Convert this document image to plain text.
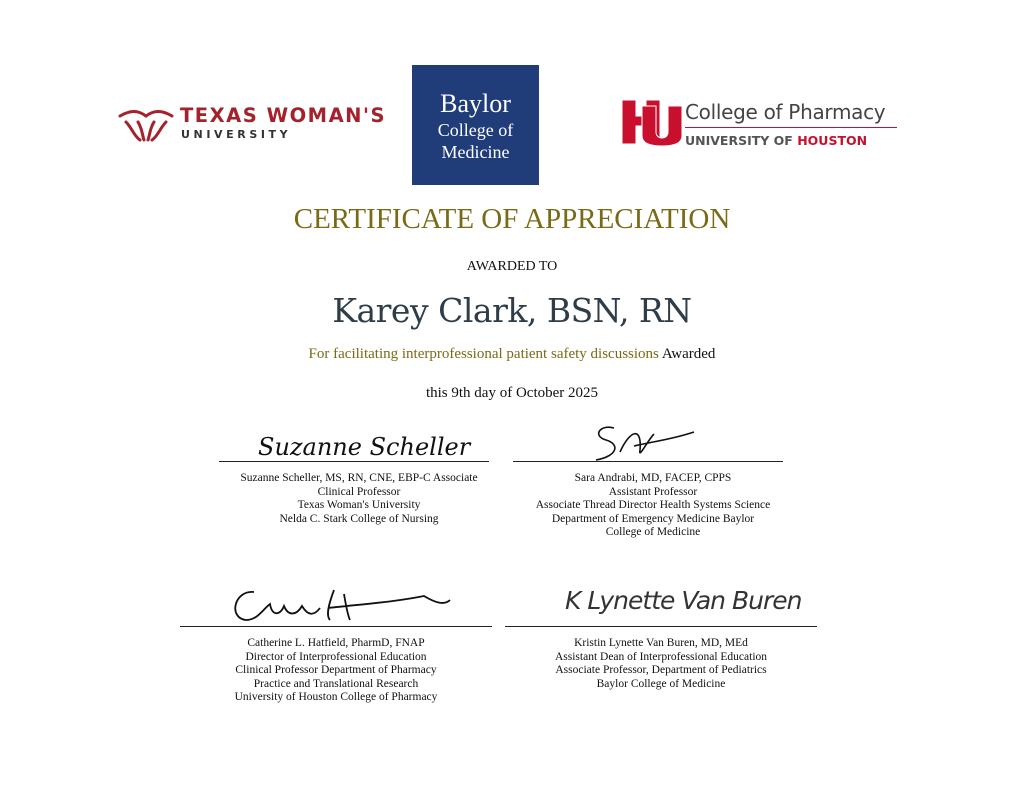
TEXAS WOMAN'S
UNIVERSITY
Baylor
College of
Medicine
College of Pharmacy
UNIVERSITY OF HOUSTON
CERTIFICATE OF APPRECIATION
AWARDED TO
Karey Clark, BSN, RN
For facilitating interprofessional patient safety discussions Awarded
this 9th day of October 2025
Suzanne Scheller
Suzanne Scheller, MS, RN, CNE, EBP-C Associate
Clinical Professor
Texas Woman's University
Nelda C. Stark College of Nursing
Sara Andrabi, MD, FACEP, CPPS
Assistant Professor
Associate Thread Director Health Systems Science
Department of Emergency Medicine Baylor
College of Medicine
Catherine L. Hatfield, PharmD, FNAP
Director of Interprofessional Education
Clinical Professor Department of Pharmacy
Practice and Translational Research
University of Houston College of Pharmacy
K Lynette Van Buren
Kristin Lynette Van Buren, MD, MEd
Assistant Dean of Interprofessional Education
Associate Professor, Department of Pediatrics
Baylor College of Medicine
